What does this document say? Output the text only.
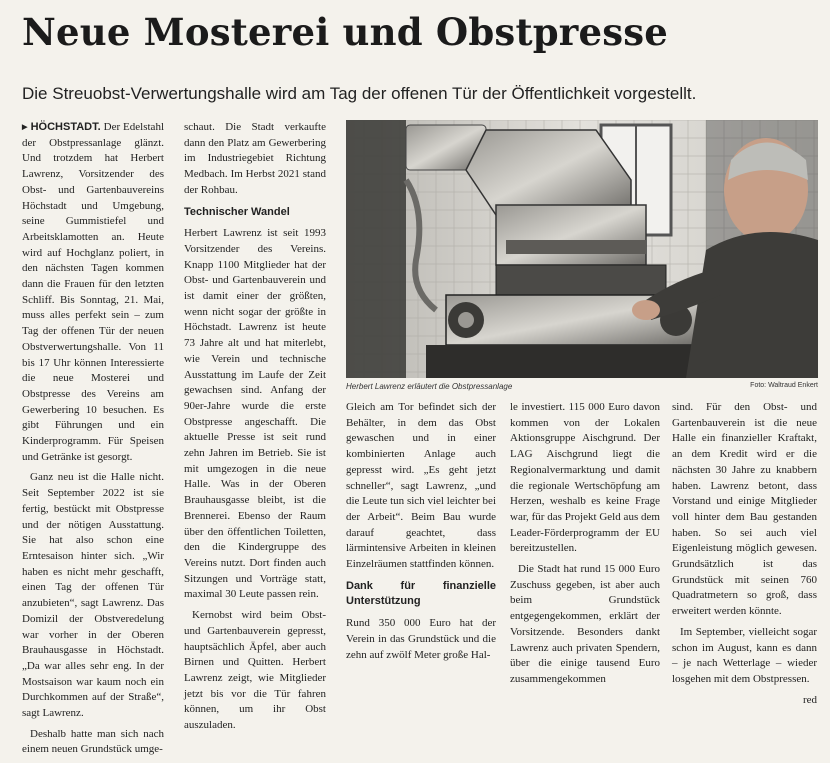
Neue Mosterei und Obstpresse
Die Streuobst-Verwertungshalle wird am Tag der offenen Tür der Öffentlichkeit vorgestellt.

▶ HÖCHSTADT. Der Edelstahl der Obstpressanlage glänzt. Und trotzdem hat Herbert Lawrenz, Vorsitzender des Obst- und Gartenbauvereins Höchstadt und Umgebung, seine Gummistiefel und Arbeitsklamotten an. Heute wird auf Hochglanz poliert, in den nächsten Tagen kommen dann die Frauen für den letzten Schliff. Bis Sonntag, 21. Mai, muss alles perfekt sein – zum Tag der offenen Tür der neuen Obstverwertungshalle. Von 11 bis 17 Uhr können Interessierte die neue Mosterei und Obstpresse des Vereins am Gewerbering 10 besuchen. Es gibt Führungen und ein Kinderprogramm. Für Speisen und Getränke ist gesorgt.

Ganz neu ist die Halle nicht. Seit September 2022 ist sie fertig, bestückt mit Obstpresse und der nötigen Ausstattung. Sie hat also schon eine Erntesaison hinter sich. „Wir haben es nicht mehr geschafft, einen Tag der offenen Tür anzubieten“, sagt Lawrenz. Das Domizil der Obstveredelung war vorher in der Oberen Brauhausgasse in Höchstadt. „Da war alles sehr eng. In der Mostsaison war kaum noch ein Durchkommen auf der Straße“, sagt Lawrenz.

Deshalb hatte man sich nach einem neuen Grundstück umge-

schaut. Die Stadt verkaufte dann den Platz am Gewerbering im Industriegebiet Richtung Medbach. Im Herbst 2021 stand der Rohbau.

Technischer Wandel

Herbert Lawrenz ist seit 1993 Vorsitzender des Vereins. Knapp 1100 Mitglieder hat der Obst- und Gartenbauverein und ist damit einer der größten, wenn nicht sogar der größte in Höchstadt. Lawrenz ist heute 73 Jahre alt und hat miterlebt, wie Verein und technische Ausstattung im Laufe der Zeit gewachsen sind. Anfang der 90er-Jahre wurde die erste Obstpresse angeschafft. Die aktuelle Presse ist seit rund zehn Jahren im Betrieb. Sie ist mit umgezogen in die neue Halle. Was in der Oberen Brauhausgasse bleibt, ist die Brennerei. Ebenso der Raum über den öffentlichen Toiletten, den die Kindergruppe des Vereins nutzt. Dort finden auch Sitzungen und Vorträge statt, maximal 30 Leute passen rein.

Kernobst wird beim Obst- und Gartenbauverein gepresst, hauptsächlich Äpfel, aber auch Birnen und Quitten. Herbert Lawrenz zeigt, wie Mitglieder jetzt bis vor die Tür fahren können, um ihr Obst auszuladen.

Herbert Lawrenz erläutert die Obstpressanlage	Foto: Waltraud Enkert

Gleich am Tor befindet sich der Behälter, in dem das Obst gewaschen und in einer kombinierten Anlage auch gepresst wird. „Es geht jetzt schneller“, sagt Lawrenz, „und die Leute tun sich viel leichter bei der Arbeit“. Beim Bau wurde darauf geachtet, dass lärmintensive Arbeiten in kleinen Einzelräumen stattfinden können.

Dank für finanzielle Unterstützung

Rund 350 000 Euro hat der Verein in das Grundstück und die zehn auf zwölf Meter große Hal-

le investiert. 115 000 Euro davon kommen von der Lokalen Aktionsgruppe Aischgrund. Der LAG Aischgrund liegt die Regionalvermarktung und damit die regionale Wertschöpfung am Herzen, weshalb es keine Frage war, für das Projekt Geld aus dem Leader-Förderprogramm der EU bereitzustellen.

Die Stadt hat rund 15 000 Euro Zuschuss gegeben, ist aber auch beim Grundstück entgegengekommen, erklärt der Vorsitzende. Besonders dankt Lawrenz auch privaten Spendern, über die einige tausend Euro zusammengekommen

sind. Für den Obst- und Gartenbauverein ist die neue Halle ein finanzieller Kraftakt, an dem Kredit wird er die nächsten 30 Jahre zu knabbern haben. Lawrenz betont, dass Vorstand und einige Mitglieder voll hinter dem Bau gestanden haben. So sei auch viel Eigenleistung möglich gewesen. Grundsätzlich ist das Grundstück mit seinen 760 Quadratmetern so groß, dass erweitert werden könnte.

Im September, vielleicht sogar schon im August, kann es dann – je nach Wetterlage – wieder losgehen mit dem Obstpressen.

red
